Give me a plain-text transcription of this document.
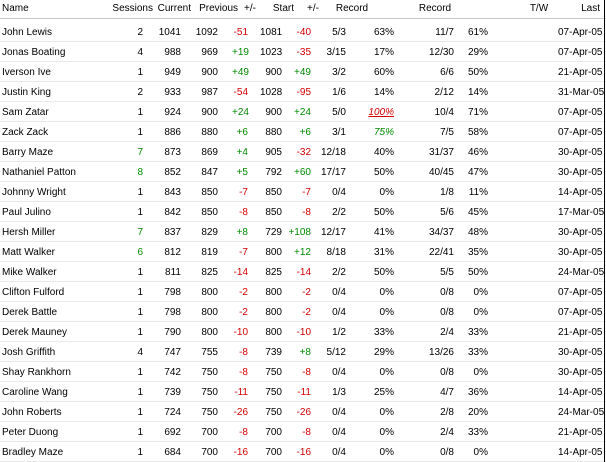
Name	Sessions Current Previous +/-	Start	+/-	Record	Record	T/W	Last
John Lewis	2	1041	1092 -51 1081	-40	5/3	63%	11/7	61%	07-Apr-05
Jonas Boating	4	988	969 +19 1023	-35	3/15	17%	12/30	29%	07-Apr-05
Iverson Ive	1	949	900 +49	900	+49	3/2	60%	6/6	50%	21-Apr-05
Justin King	2	933	987 -54 1028	-95	1/6	14%	2/12	14%	31-Mar-05
Sam Zatar	1	924	900 +24	900	+24	5/0	100%	10/4	71%	07-Apr-05
Zack Zack	1	886	880	+6	880	+6	3/1	75%	7/5	58%	07-Apr-05
Barry Maze	7	873	869	+4	905	-32 12/18	40%	31/37	46%	30-Apr-05
Nathaniel Patton	8	852	847	+5	792	+60 17/17	50%	40/45	47%	30-Apr-05
Johnny Wright	1	843	850	-7	850	-7	0/4	0%	1/8	11%	14-Apr-05
Paul Julino	1	842	850	-8	850	-8	2/2	50%	5/6	45%	17-Mar-05
Hersh Miller	7	837	829	+8	729 +108 12/17	41%	34/37	48%	30-Apr-05
Matt Walker	6	812	819	-7	800	+12	8/18	31%	22/41	35%	30-Apr-05
Mike Walker	1	811	825 -14	825	-14	2/2	50%	5/5	50%	24-Mar-05
Clifton Fulford	1	798	800	-2	800	-2	0/4	0%	0/8	0%	07-Apr-05
Derek Battle	1	798	800	-2	800	-2	0/4	0%	0/8	0%	07-Apr-05
Derek Mauney	1	790	800 -10	800	-10	1/2	33%	2/4	33%	21-Apr-05
Josh Griffith	4	747	755	-8	739	+8	5/12	29%	13/26	33%	30-Apr-05
Shay Rankhorn	1	742	750	-8	750	-8	0/4	0%	0/8	0%	30-Apr-05
Caroline Wang	1	739	750 -11	750	-11	1/3	25%	4/7	36%	14-Apr-05
John Roberts	1	724	750 -26	750	-26	0/4	0%	2/8	20%	24-Mar-05
Peter Duong	1	692	700	-8	700	-8	0/4	0%	2/4	33%	21-Apr-05
Bradley Maze	1	684	700 -16	700	-16	0/4	0%	0/8	0%	14-Apr-05
